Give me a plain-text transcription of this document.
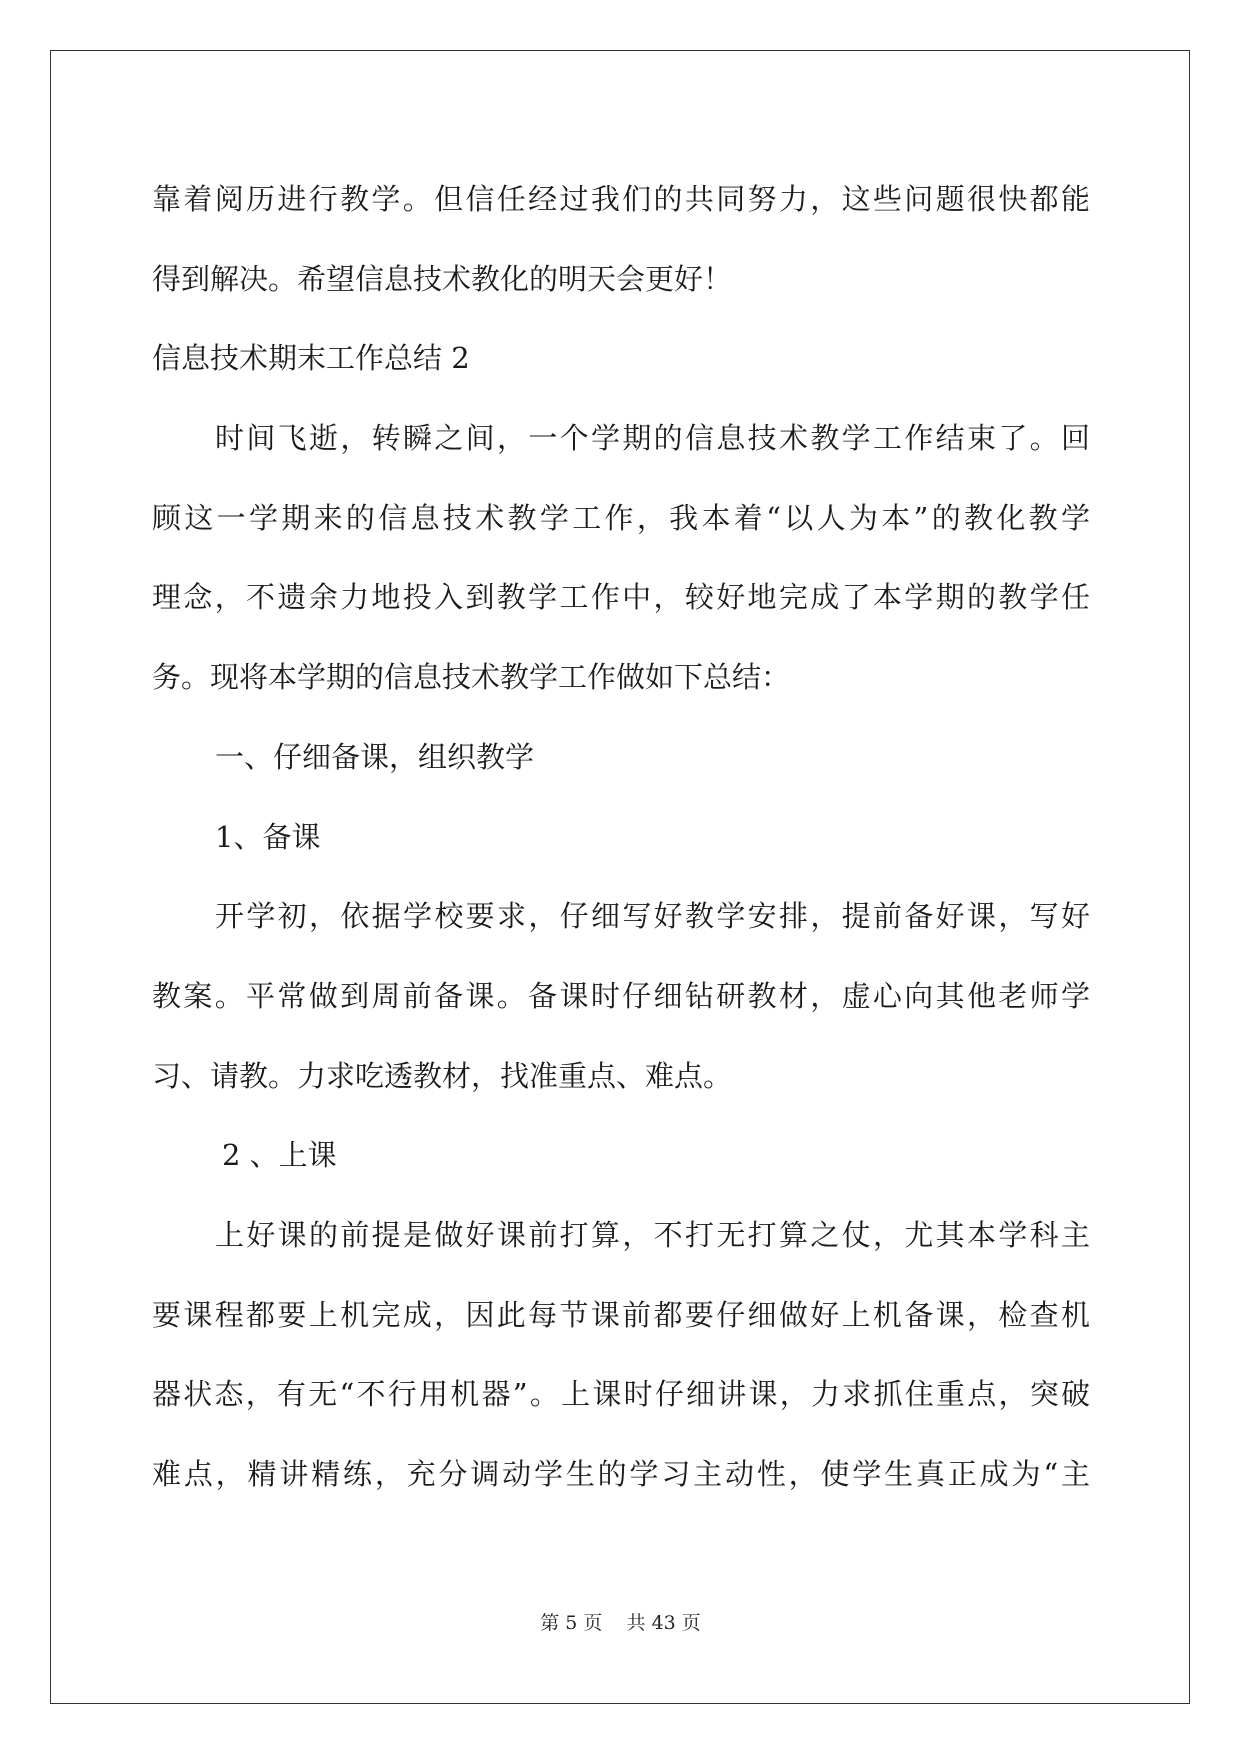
靠着阅历进行教学。但信任经过我们的共同努力，这些问题很快都能
得到解决。希望信息技术教化的明天会更好！
信息技术期末工作总结 2
时间飞逝，转瞬之间，一个学期的信息技术教学工作结束了。回
顾这一学期来的信息技术教学工作，我本着“以人为本”的教化教学
理念，不遗余力地投入到教学工作中，较好地完成了本学期的教学任
务。现将本学期的信息技术教学工作做如下总结：
一、仔细备课，组织教学
1、备课
开学初，依据学校要求，仔细写好教学安排，提前备好课，写好
教案。平常做到周前备课。备课时仔细钻研教材，虚心向其他老师学
习、请教。力求吃透教材，找准重点、难点。
2 、上课
上好课的前提是做好课前打算，不打无打算之仗，尤其本学科主
要课程都要上机完成，因此每节课前都要仔细做好上机备课，检查机
器状态，有无“不行用机器”。上课时仔细讲课，力求抓住重点，突破
难点，精讲精练，充分调动学生的学习主动性，使学生真正成为“主
第 5 页    共 43 页
